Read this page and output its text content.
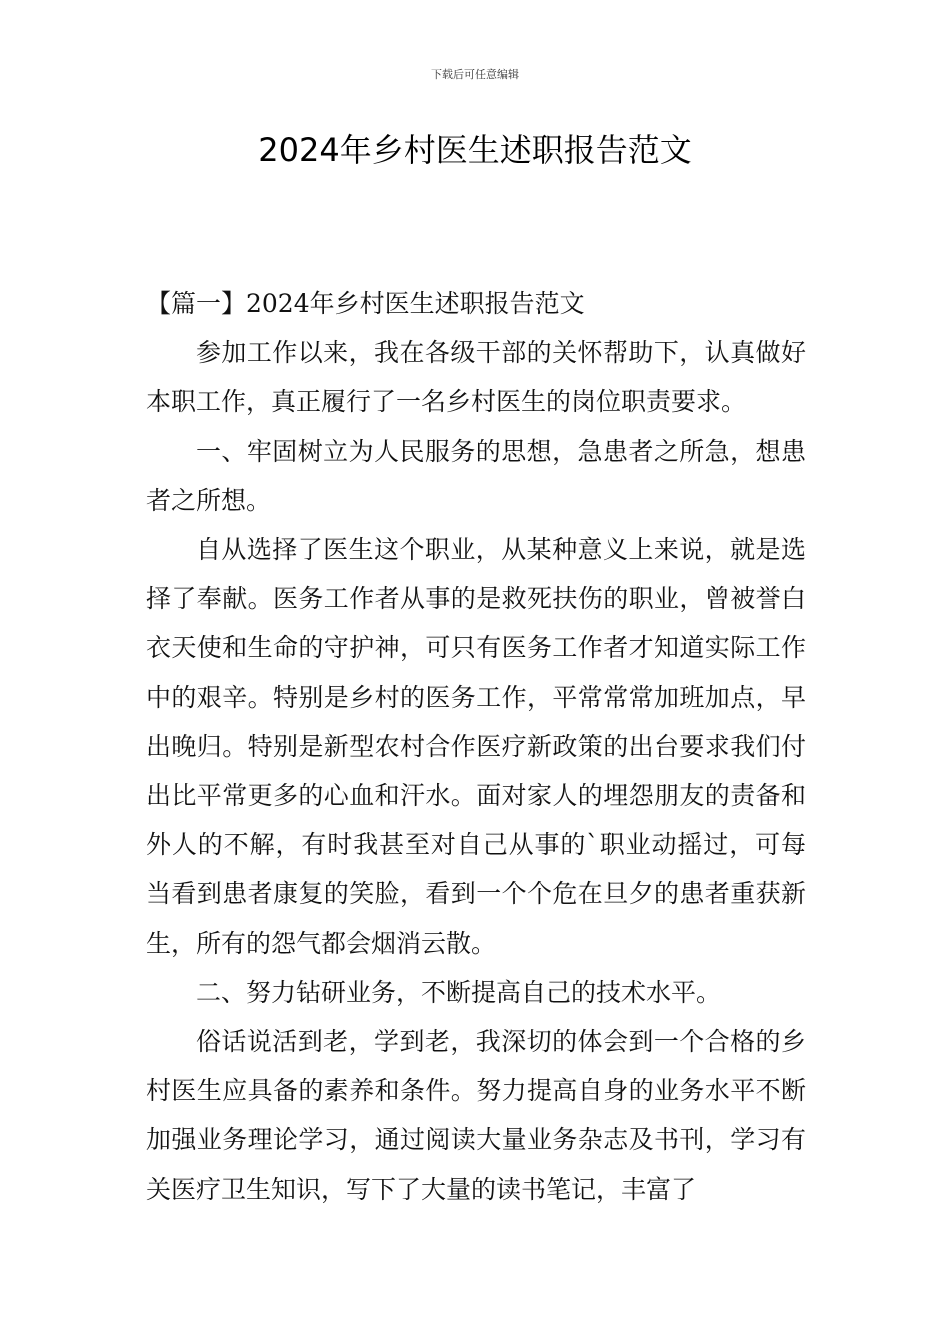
下载后可任意编辑
2024年乡村医生述职报告范文

【篇一】2024年乡村医生述职报告范文

参加工作以来，我在各级干部的关怀帮助下，认真做好本职工作，真正履行了一名乡村医生的岗位职责要求。

一、牢固树立为人民服务的思想，急患者之所急，想患者之所想。

自从选择了医生这个职业，从某种意义上来说，就是选择了奉献。医务工作者从事的是救死扶伤的职业，曾被誉白衣天使和生命的守护神，可只有医务工作者才知道实际工作中的艰辛。特别是乡村的医务工作，平常常常加班加点，早出晚归。特别是新型农村合作医疗新政策的出台要求我们付出比平常更多的心血和汗水。面对家人的埋怨朋友的责备和外人的不解，有时我甚至对自己从事的`职业动摇过，可每当看到患者康复的笑脸，看到一个个危在旦夕的患者重获新生，所有的怨气都会烟消云散。

二、努力钻研业务，不断提高自己的技术水平。

俗话说活到老，学到老，我深切的体会到一个合格的乡村医生应具备的素养和条件。努力提高自身的业务水平不断加强业务理论学习，通过阅读大量业务杂志及书刊，学习有关医疗卫生知识，写下了大量的读书笔记，丰富了
